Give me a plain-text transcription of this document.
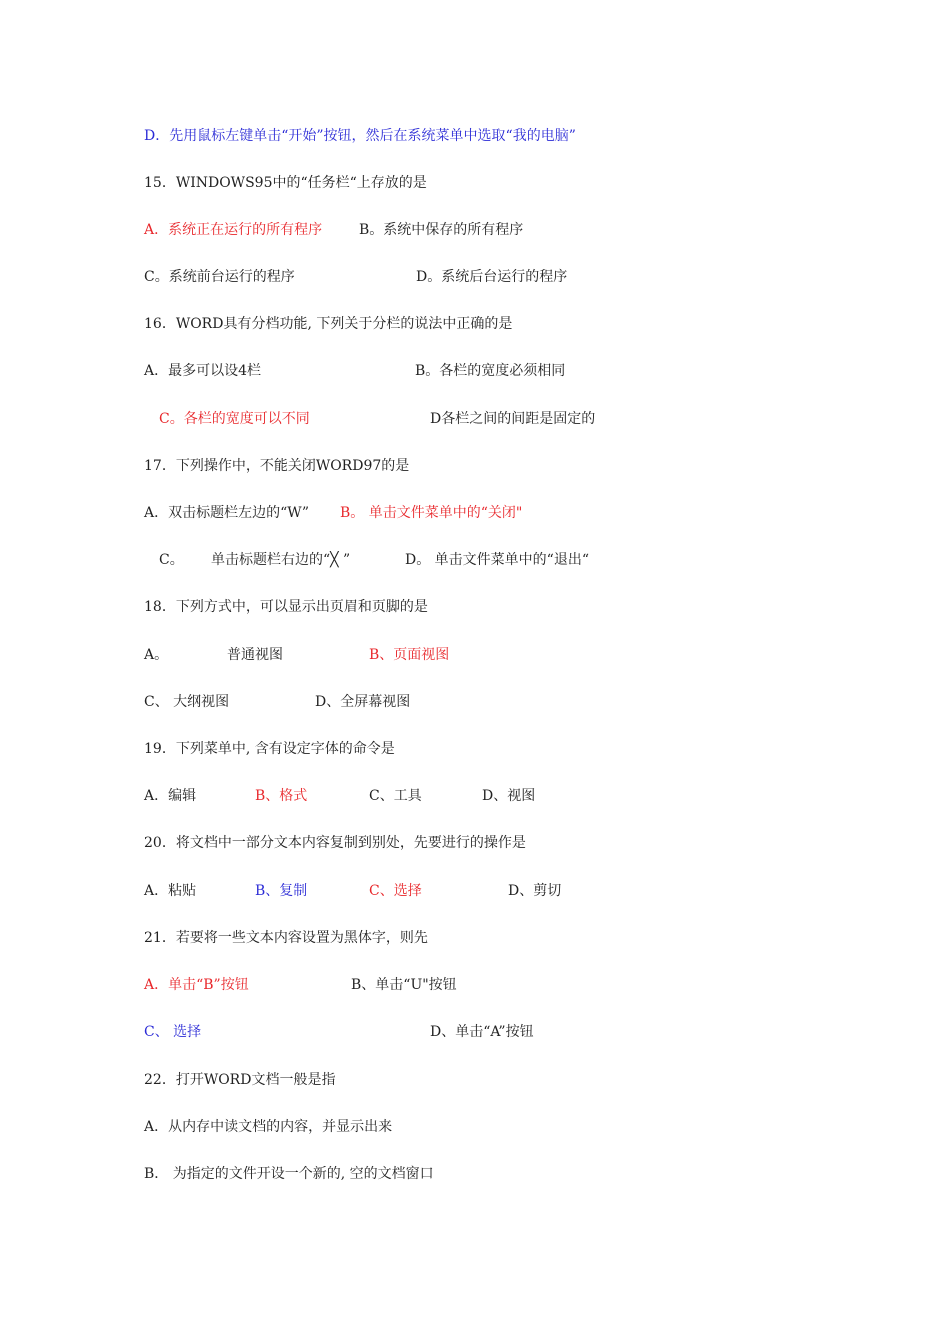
D．先用鼠标左键单击“开始”按钮，然后在系统菜单中选取“我的电脑”
15．WINDOWS95中的“任务栏“上存放的是
A．系统正在运行的所有程序	B。系统中保存的所有程序
C。系统前台运行的程序	D。系统后台运行的程序
16．WORD具有分档功能, 下列关于分栏的说法中正确的是
A．最多可以设4栏	B。各栏的宽度必须相同
C。各栏的宽度可以不同	D各栏之间的间距是固定的
17．下列操作中，不能关闭WORD97的是
A．双击标题栏左边的“W” B。 单击文件菜单中的“关闭"
C。 单击标题栏右边的“╳ ”	D。 单击文件菜单中的“退出“
18．下列方式中，可以显示出页眉和页脚的是
A。	普通视图	B、页面视图
C、 大纲视图	D、全屏幕视图
19．下列菜单中, 含有设定字体的命令是
A．编辑	B、格式	C、工具	D、视图
20．将文档中一部分文本内容复制到别处，先要进行的操作是
A．粘贴	B、复制	C、选择	D、剪切
21．若要将一些文本内容设置为黑体字，则先
A．单击“B”按钮	B、单击“U"按钮
C、 选择	D、单击“A”按钮
22．打开WORD文档一般是指
A．从内存中读文档的内容，并显示出来
B． 为指定的文件开设一个新的, 空的文档窗口
